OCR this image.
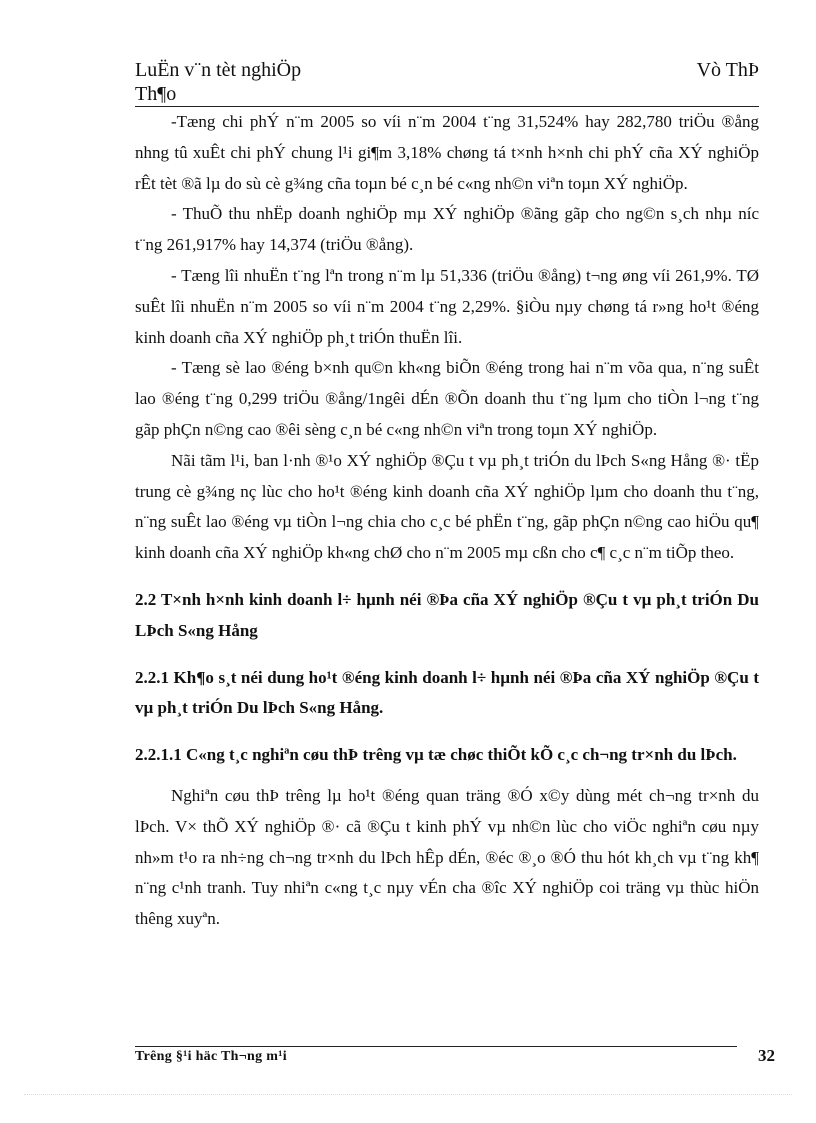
LuËn v¨n tèt nghiÖp
Th¶o
Vò ThÞ

-Tæng chi phÝ n¨m 2005 so víi n¨m 2004 t¨ng 31,524% hay 282,780 triÖu ®ång nhng tû xuÊt chi phÝ chung l¹i gi¶m 3,18% chøng tá t×nh h×nh chi phÝ cña XÝ nghiÖp rÊt tèt ®ã lµ do sù cè g¾ng cña toµn bé c¸n bé c«ng nh©n viªn toµn XÝ nghiÖp.

- ThuÕ thu nhËp doanh nghiÖp mµ XÝ nghiÖp ®ãng gãp cho ng©n s¸ch nhµ níc t¨ng 261,917% hay 14,374 (triÖu ®ång).

- Tæng lîi nhuËn t¨ng lªn trong n¨m lµ 51,336 (triÖu ®ång) t¬ng øng víi 261,9%. TØ suÊt lîi nhuËn n¨m 2005 so víi n¨m 2004 t¨ng 2,29%. §iÒu nµy chøng tá r»ng ho¹t ®éng kinh doanh cña XÝ nghiÖp ph¸t triÓn thuËn lîi.

- Tæng sè lao ®éng b×nh qu©n kh«ng biÕn ®éng trong hai n¨m võa qua, n¨ng suÊt lao ®éng t¨ng 0,299 triÖu ®ång/1ngêi dÉn ®Õn doanh thu t¨ng lµm cho tiÒn l¬ng t¨ng gãp phÇn n©ng cao ®êi sèng c¸n bé c«ng nh©n viªn trong toµn XÝ nghiÖp.

Nãi tãm l¹i, ban l·nh ®¹o XÝ nghiÖp ®Çu t vµ ph¸t triÓn du lÞch S«ng Hång ®· tËp trung cè g¾ng nç lùc cho ho¹t ®éng kinh doanh cña XÝ nghiÖp lµm cho doanh thu t¨ng, n¨ng suÊt lao ®éng vµ tiÒn l¬ng chia cho c¸c bé phËn t¨ng, gãp phÇn n©ng cao hiÖu qu¶ kinh doanh cña XÝ nghiÖp kh«ng chØ cho n¨m 2005 mµ cßn cho c¶ c¸c n¨m tiÕp theo.

2.2 T×nh h×nh kinh doanh l÷ hµnh néi ®Þa cña XÝ nghiÖp ®Çu t vµ ph¸t triÓn Du LÞch S«ng Hång

2.2.1 Kh¶o s¸t néi dung ho¹t ®éng kinh doanh l÷ hµnh néi ®Þa cña XÝ nghiÖp ®Çu t vµ ph¸t triÓn Du lÞch S«ng Hång.

2.2.1.1 C«ng t¸c nghiªn cøu thÞ trêng vµ tæ chøc thiÕt kÕ c¸c ch¬ng tr×nh du lÞch.

Nghiªn cøu thÞ trêng lµ ho¹t ®éng quan träng ®Ó x©y dùng mét ch¬ng tr×nh du lÞch. V× thÕ XÝ nghiÖp ®· cã ®Çu t kinh phÝ vµ nh©n lùc cho viÖc nghiªn cøu nµy nh»m t¹o ra nh÷ng ch¬ng tr×nh du lÞch hÊp dÉn, ®éc ®¸o ®Ó thu hót kh¸ch vµ t¨ng kh¶ n¨ng c¹nh tranh. Tuy nhiªn c«ng t¸c nµy vÉn cha ®îc XÝ nghiÖp coi träng vµ thùc hiÖn thêng xuyªn.

Trêng §¹i häc Th¬ng m¹i	32
